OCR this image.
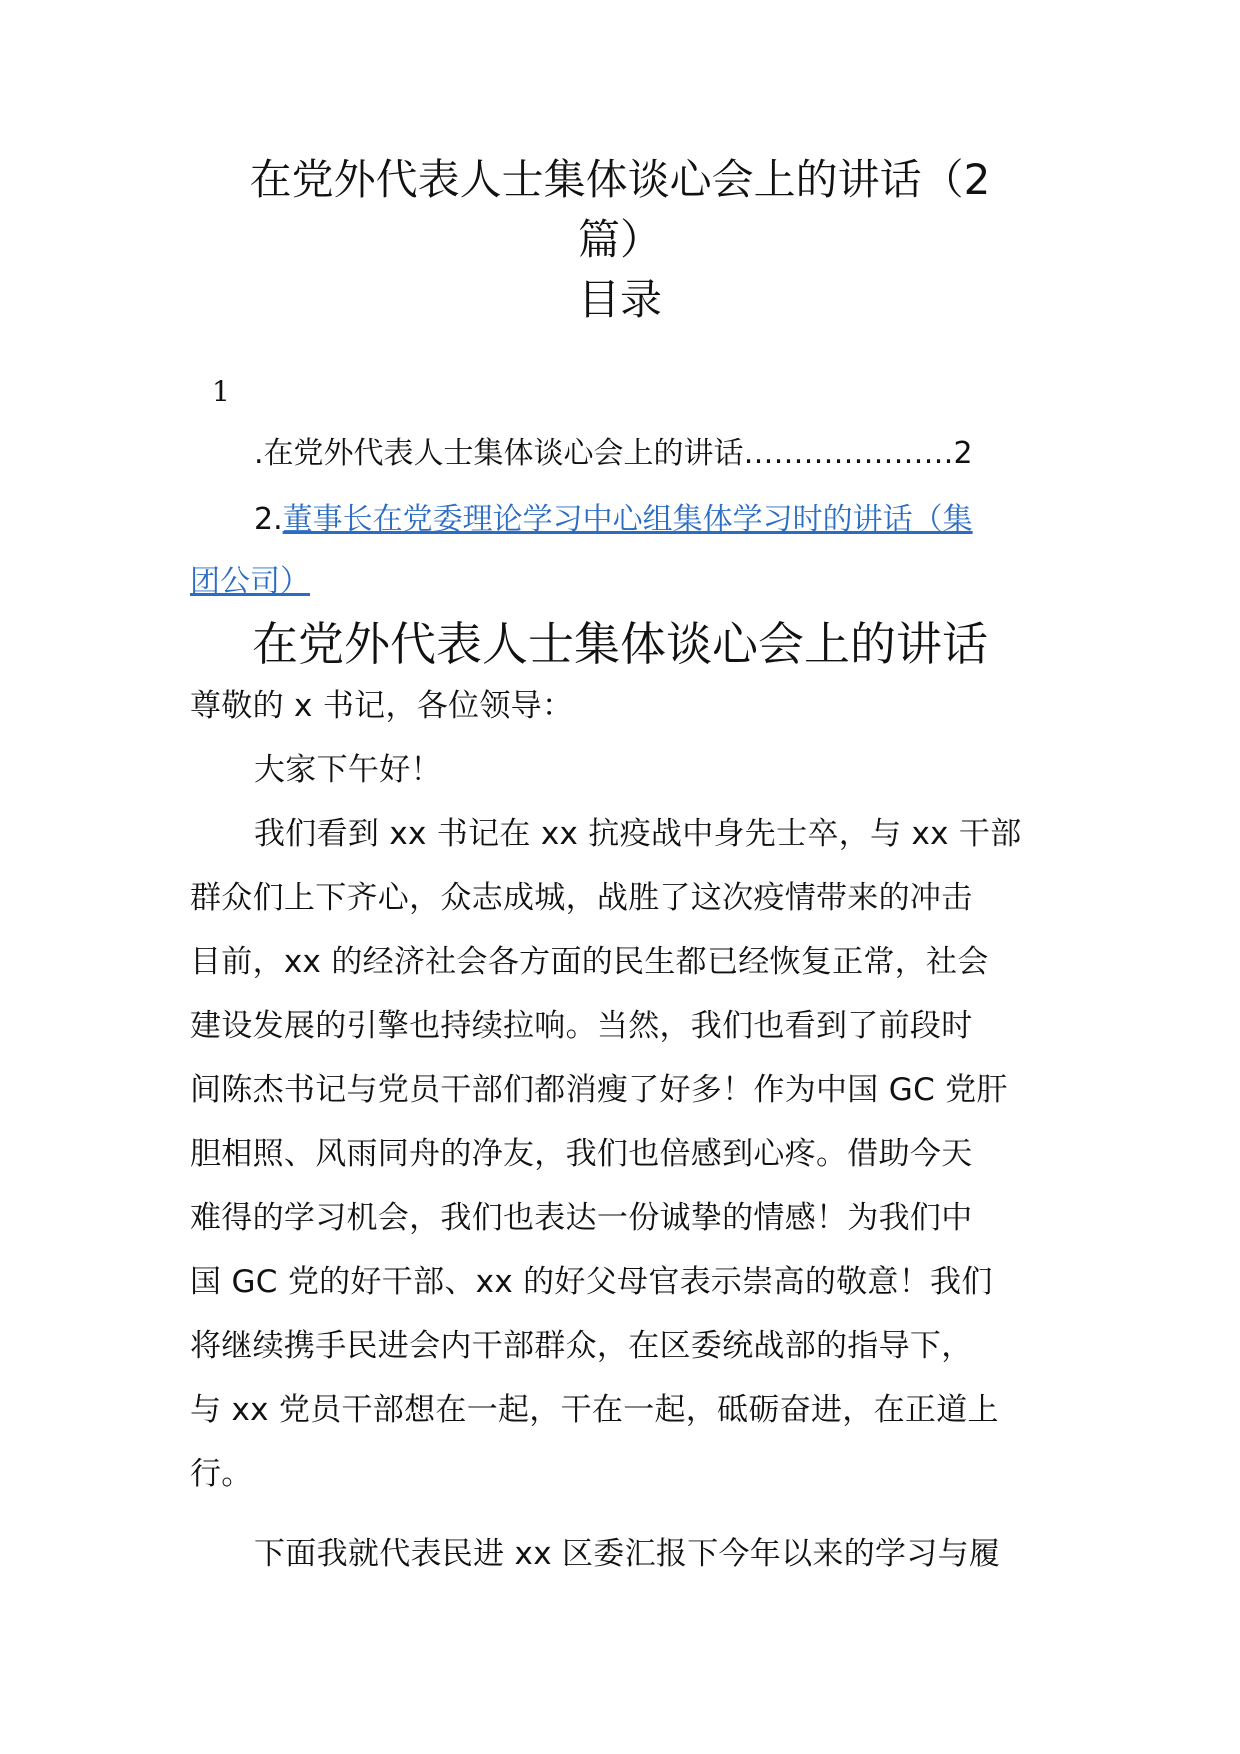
在党外代表人士集体谈心会上的讲话（2
篇）
目录
1
.在党外代表人士集体谈心会上的讲话…………………2
2.董事长在党委理论学习中心组集体学习时的讲话（集
团公司）
在党外代表人士集体谈心会上的讲话
尊敬的 x 书记，各位领导：
大家下午好！
我们看到 xx 书记在 xx 抗疫战中身先士卒，与 xx 干部
群众们上下齐心，众志成城，战胜了这次疫情带来的冲击
目前，xx 的经济社会各方面的民生都已经恢复正常，社会
建设发展的引擎也持续拉响。当然，我们也看到了前段时
间陈杰书记与党员干部们都消瘦了好多！作为中国 GC 党肝
胆相照、风雨同舟的净友，我们也倍感到心疼。借助今天
难得的学习机会，我们也表达一份诚挚的情感！为我们中
国 GC 党的好干部、xx 的好父母官表示崇高的敬意！我们
将继续携手民进会内干部群众，在区委统战部的指导下，
与 xx 党员干部想在一起，干在一起，砥砺奋进，在正道上
行。
下面我就代表民进 xx 区委汇报下今年以来的学习与履
